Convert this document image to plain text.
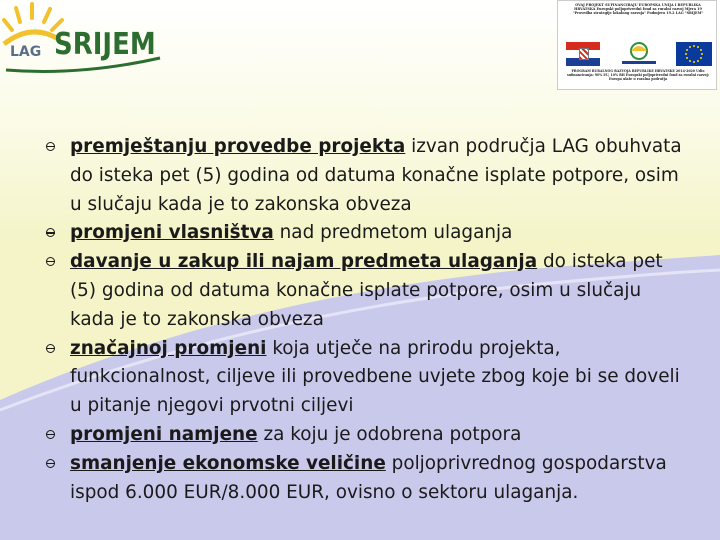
LAG SRIJEM
OVAJ PROJEKT SUFINANCIRAJU EUROPSKA UNIJA I REPUBLIKA HRVATSKA Europski poljoprivredni fond za ruralni razvoj Mjera 19 "Provedba strategije lokalnog razvoja" Podmjera 19.2 LAG "SRIJEM"
PROGRAM RURALNOG RAZVOJA REPUBLIKE HRVATSKE 2014-2020 Udio sufinanciranja: 90% EU, 10% RH Europski poljoprivredni fond za ruralni razvoj: Europa ulaže u ruralna područja
premještanju provedbe projekta izvan područja LAG obuhvata do isteka pet (5) godina od datuma konačne isplate potpore, osim u slučaju kada je to zakonska obveza
promjeni vlasništva nad predmetom ulaganja
davanje u zakup ili najam predmeta ulaganja do isteka pet (5) godina od datuma konačne isplate potpore, osim u slučaju kada je to zakonska obveza
značajnoj promjeni koja utječe na prirodu projekta, funkcionalnost, ciljeve ili provedbene uvjete zbog koje bi se doveli u pitanje njegovi prvotni ciljevi
promjeni namjene za koju je odobrena potpora
smanjenje ekonomske veličine poljoprivrednog gospodarstva ispod 6.000 EUR/8.000 EUR, ovisno o sektoru ulaganja.
